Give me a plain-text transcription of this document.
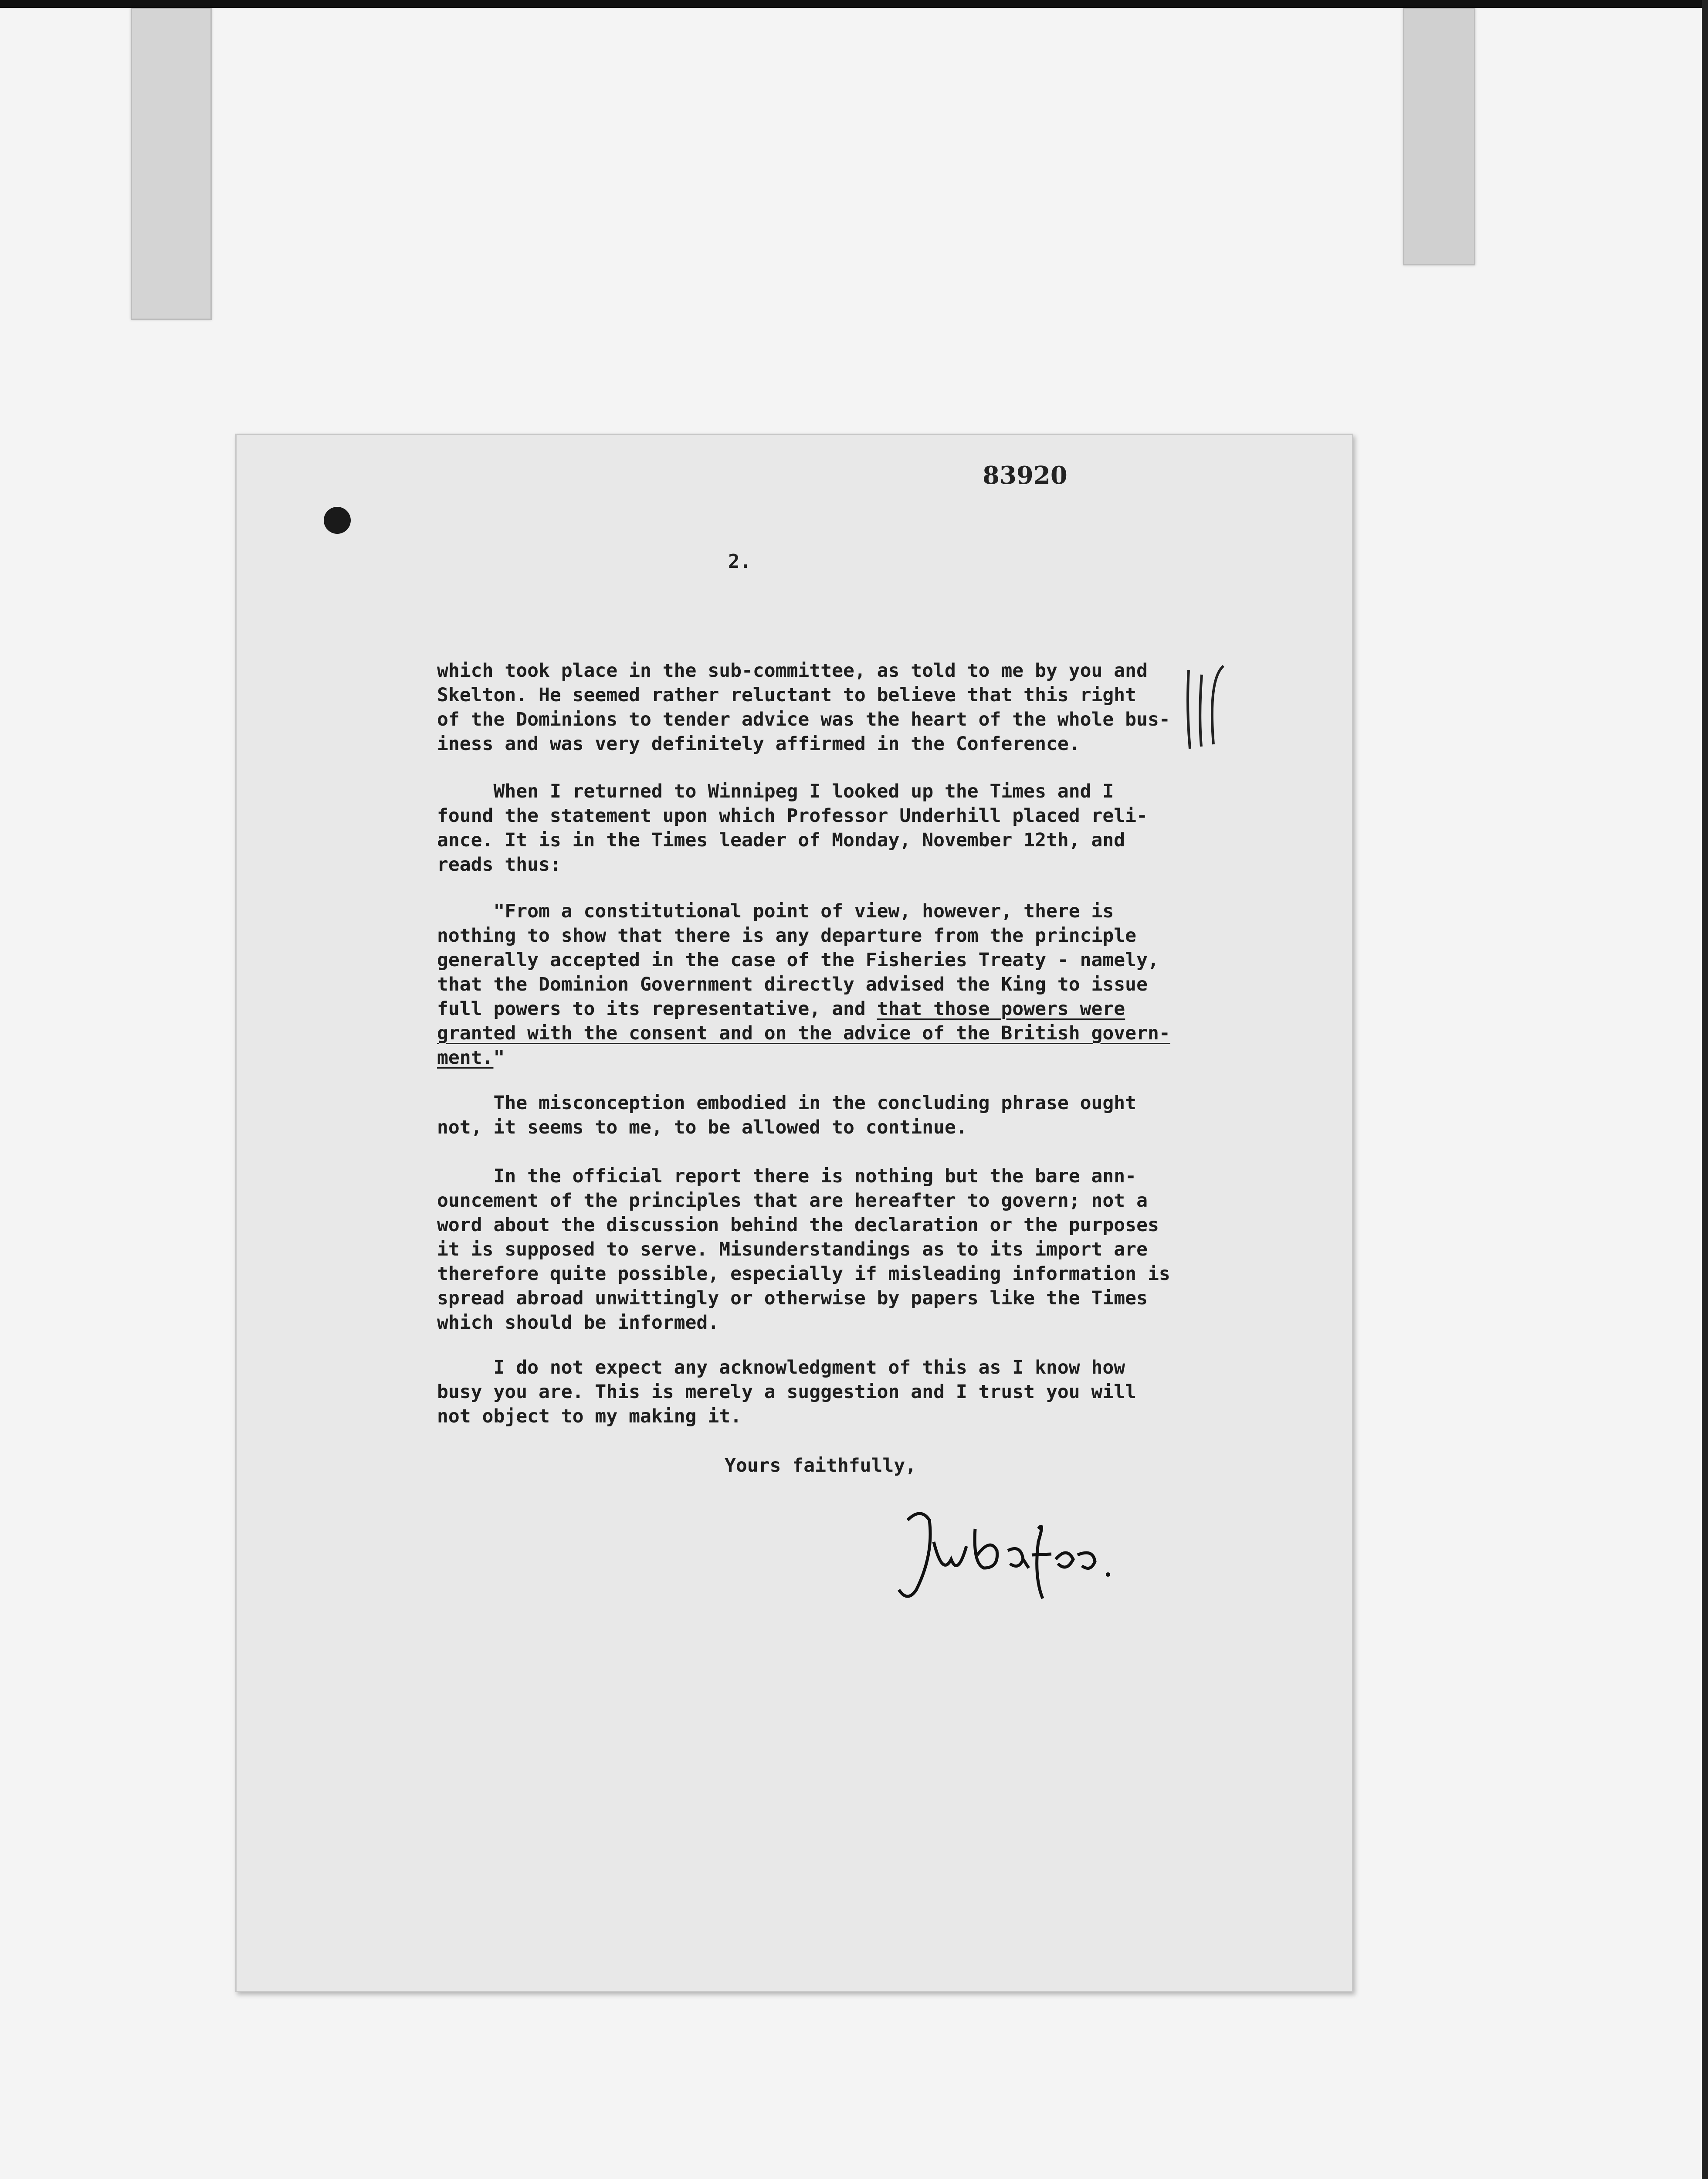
83920
2.
which took place in the sub-committee, as told to me by you and
Skelton. He seemed rather reluctant to believe that this right
of the Dominions to tender advice was the heart of the whole bus-
iness and was very definitely affirmed in the Conference.
When I returned to Winnipeg I looked up the Times and I
found the statement upon which Professor Underhill placed reli-
ance. It is in the Times leader of Monday, November 12th, and
reads thus:
"From a constitutional point of view, however, there is
nothing to show that there is any departure from the principle
generally accepted in the case of the Fisheries Treaty - namely,
that the Dominion Government directly advised the King to issue
full powers to its representative, and that those powers were
granted with the consent and on the advice of the British govern-
ment."
The misconception embodied in the concluding phrase ought
not, it seems to me, to be allowed to continue.
In the official report there is nothing but the bare ann-
ouncement of the principles that are hereafter to govern; not a
word about the discussion behind the declaration or the purposes
it is supposed to serve. Misunderstandings as to its import are
therefore quite possible, especially if misleading information is
spread abroad unwittingly or otherwise by papers like the Times
which should be informed.
I do not expect any acknowledgment of this as I know how
busy you are. This is merely a suggestion and I trust you will
not object to my making it.
Yours faithfully,
